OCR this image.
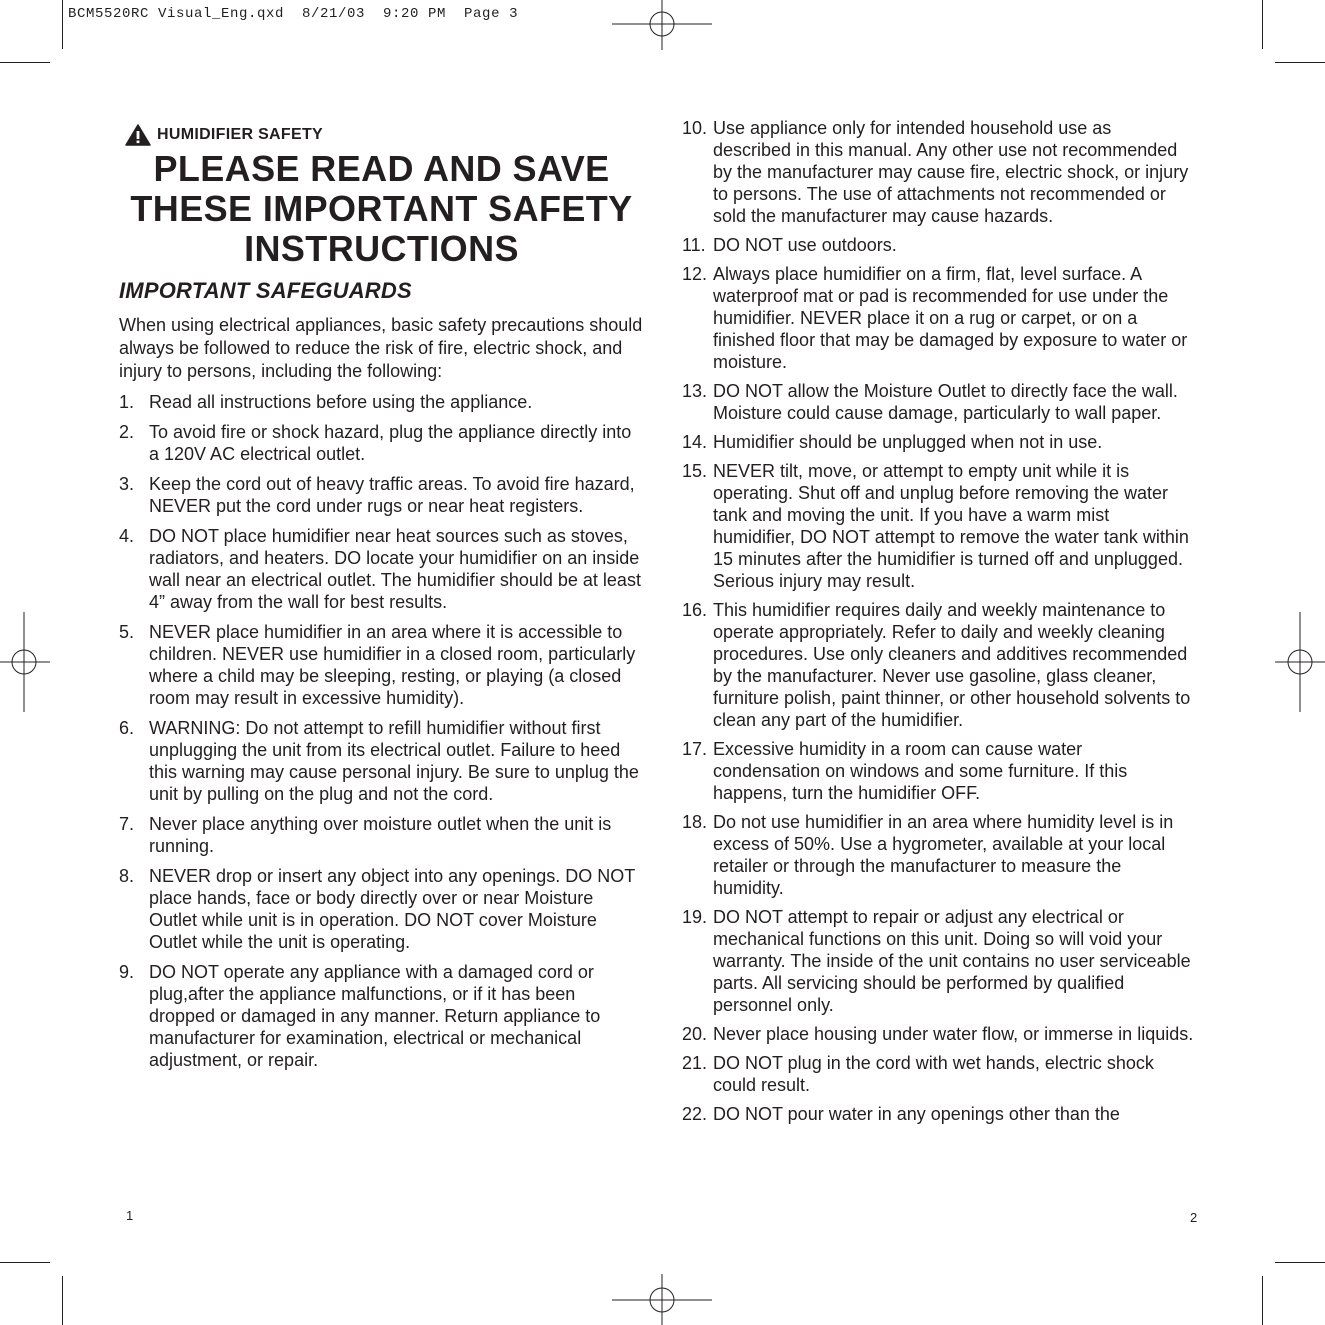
BCM5520RC Visual_Eng.qxd  8/21/03  9:20 PM  Page 3
HUMIDIFIER SAFETY
PLEASE READ AND SAVE
THESE IMPORTANT SAFETY
INSTRUCTIONS
IMPORTANT SAFEGUARDS
When using electrical appliances, basic safety precautions should always be followed to reduce the risk of fire, electric shock, and injury to persons, including the following:
1. Read all instructions before using the appliance.
2. To avoid fire or shock hazard, plug the appliance directly into a 120V AC electrical outlet.
3. Keep the cord out of heavy traffic areas. To avoid fire hazard, NEVER put the cord under rugs or near heat registers.
4. DO NOT place humidifier near heat sources such as stoves, radiators, and heaters. DO locate your humidifier on an inside wall near an electrical outlet. The humidifier should be at least 4” away from the wall for best results.
5. NEVER place humidifier in an area where it is accessible to children. NEVER use humidifier in a closed room, particularly where a child may be sleeping, resting, or playing (a closed room may result in excessive humidity).
6. WARNING: Do not attempt to refill humidifier without first unplugging the unit from its electrical outlet. Failure to heed this warning may cause personal injury. Be sure to unplug the unit by pulling on the plug and not the cord.
7. Never place anything over moisture outlet when the unit is running.
8. NEVER drop or insert any object into any openings. DO NOT place hands, face or body directly over or near Moisture Outlet while unit is in operation. DO NOT cover Moisture Outlet while the unit is operating.
9. DO NOT operate any appliance with a damaged cord or plug,after the appliance malfunctions, or if it has been dropped or damaged in any manner. Return appliance to manufacturer for examination, electrical or mechanical adjustment, or repair.
10. Use appliance only for intended household use as described in this manual. Any other use not recommended by the manufacturer may cause fire, electric shock, or injury to persons. The use of attachments not recommended or sold the manufacturer may cause hazards.
11. DO NOT use outdoors.
12. Always place humidifier on a firm, flat, level surface. A waterproof mat or pad is recommended for use under the humidifier. NEVER place it on a rug or carpet, or on a finished floor that may be damaged by exposure to water or moisture.
13. DO NOT allow the Moisture Outlet to directly face the wall. Moisture could cause damage, particularly to wall paper.
14. Humidifier should be unplugged when not in use.
15. NEVER tilt, move, or attempt to empty unit while it is operating. Shut off and unplug before removing the water tank and moving the unit. If you have a warm mist humidifier, DO NOT attempt to remove the water tank within 15 minutes after the humidifier is turned off and unplugged. Serious injury may result.
16. This humidifier requires daily and weekly maintenance to operate appropriately. Refer to daily and weekly cleaning procedures. Use only cleaners and additives recommended by the manufacturer. Never use gasoline, glass cleaner, furniture polish, paint thinner, or other household solvents to clean any part of the humidifier.
17. Excessive humidity in a room can cause water condensation on windows and some furniture. If this happens, turn the humidifier OFF.
18. Do not use humidifier in an area where humidity level is in excess of 50%. Use a hygrometer, available at your local retailer or through the manufacturer to measure the humidity.
19. DO NOT attempt to repair or adjust any electrical or mechanical functions on this unit. Doing so will void your warranty. The inside of the unit contains no user serviceable parts. All servicing should be performed by qualified personnel only.
20. Never place housing under water flow, or immerse in liquids.
21. DO NOT plug in the cord with wet hands, electric shock could result.
22. DO NOT pour water in any openings other than the
1	2
